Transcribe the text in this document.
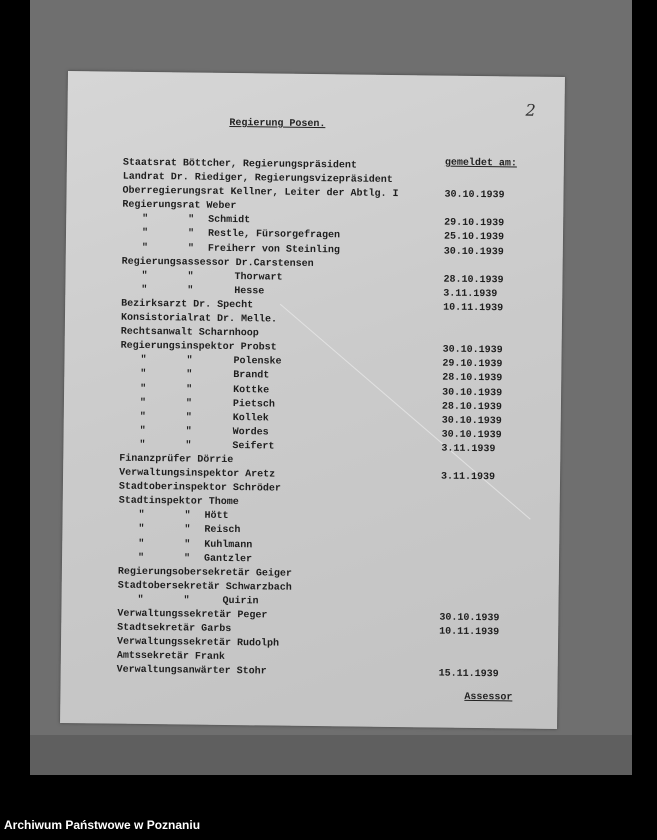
2
Regierung Posen.
gemeldet am:
Staatsrat Böttcher, Regierungspräsident
Landrat Dr. Riediger, Regierungsvizepräsident
Oberregierungsrat Kellner, Leiter der Abtlg. I	30.10.1939
Regierungsrat Weber
"	" Schmidt	29.10.1939
"	" Restle, Fürsorgefragen	25.10.1939
"	" Freiherr von Steinling	30.10.1939
Regierungsassessor Dr.Carstensen
"	"	Thorwart	28.10.1939
"	"	Hesse	3.11.1939
Bezirksarzt Dr. Specht	10.11.1939
Konsistorialrat Dr. Melle.
Rechtsanwalt Scharnhoop
Regierungsinspektor Probst	30.10.1939
"	"	Polenske	29.10.1939
"	"	Brandt	28.10.1939
"	"	Kottke	30.10.1939
"	"	Pietsch	28.10.1939
"	"	Kollek	30.10.1939
"	"	Wordes	30.10.1939
"	"	Seifert	3.11.1939
Finanzprüfer Dörrie
Verwaltungsinspektor Aretz	3.11.1939
Stadtoberinspektor Schröder
Stadtinspektor Thome
"	" Hött
"	" Reisch
"	" Kuhlmann
"	" Gantzler
Regierungsobersekretär Geiger
Stadtobersekretär Schwarzbach
"	"	Quirin
Verwaltungssekretär Peger	30.10.1939
Stadtsekretär Garbs	10.11.1939
Verwaltungssekretär Rudolph
Amtssekretär Frank
Verwaltungsanwärter Stohr	15.11.1939
Assessor
Archiwum Państwowe w Poznaniu
